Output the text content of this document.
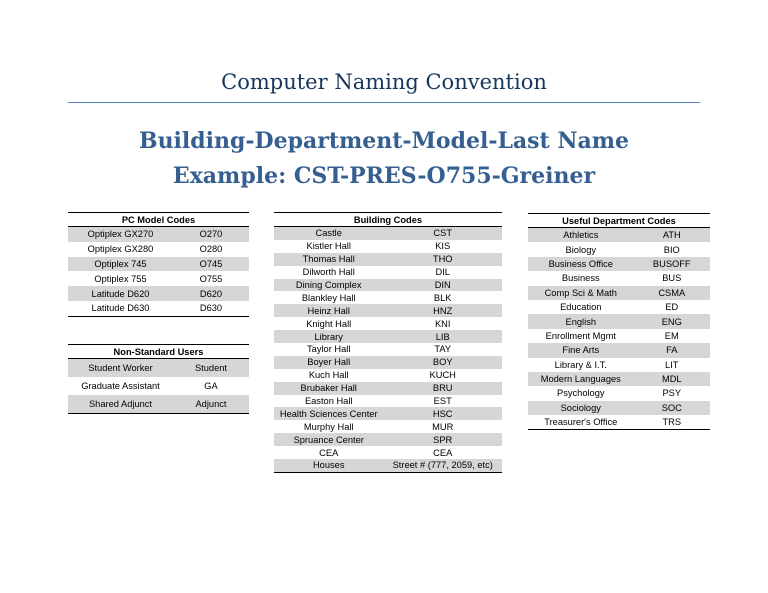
Computer Naming Convention
Building-Department-Model-Last Name
Example: CST-PRES-O755-Greiner
PC Model Codes	
Optiplex GX270	O270
Optiplex GX280	O280
Optiplex 745	O745
Optiplex 755	O755
Latitude D620	D620
Latitude D630	D630
Non-Standard Users	
Student Worker	Student
Graduate Assistant	GA
Shared Adjunct	Adjunct
Building Codes	
Castle	CST
Kistler Hall	KIS
Thomas Hall	THO
Dilworth Hall	DIL
Dining Complex	DIN
Blankley Hall	BLK
Heinz Hall	HNZ
Knight Hall	KNI
Library	LIB
Taylor Hall	TAY
Boyer Hall	BOY
Kuch Hall	KUCH
Brubaker Hall	BRU
Easton Hall	EST
Health Sciences Center	HSC
Murphy Hall	MUR
Spruance Center	SPR
CEA	CEA
Houses	Street # (777, 2059, etc)
Useful Department Codes	
Athletics	ATH
Biology	BIO
Business Office	BUSOFF
Business	BUS
Comp Sci & Math	CSMA
Education	ED
English	ENG
Enrollment Mgmt	EM
Fine Arts	FA
Library & I.T.	LIT
Modern Languages	MDL
Psychology	PSY
Sociology	SOC
Treasurer's Office	TRS
